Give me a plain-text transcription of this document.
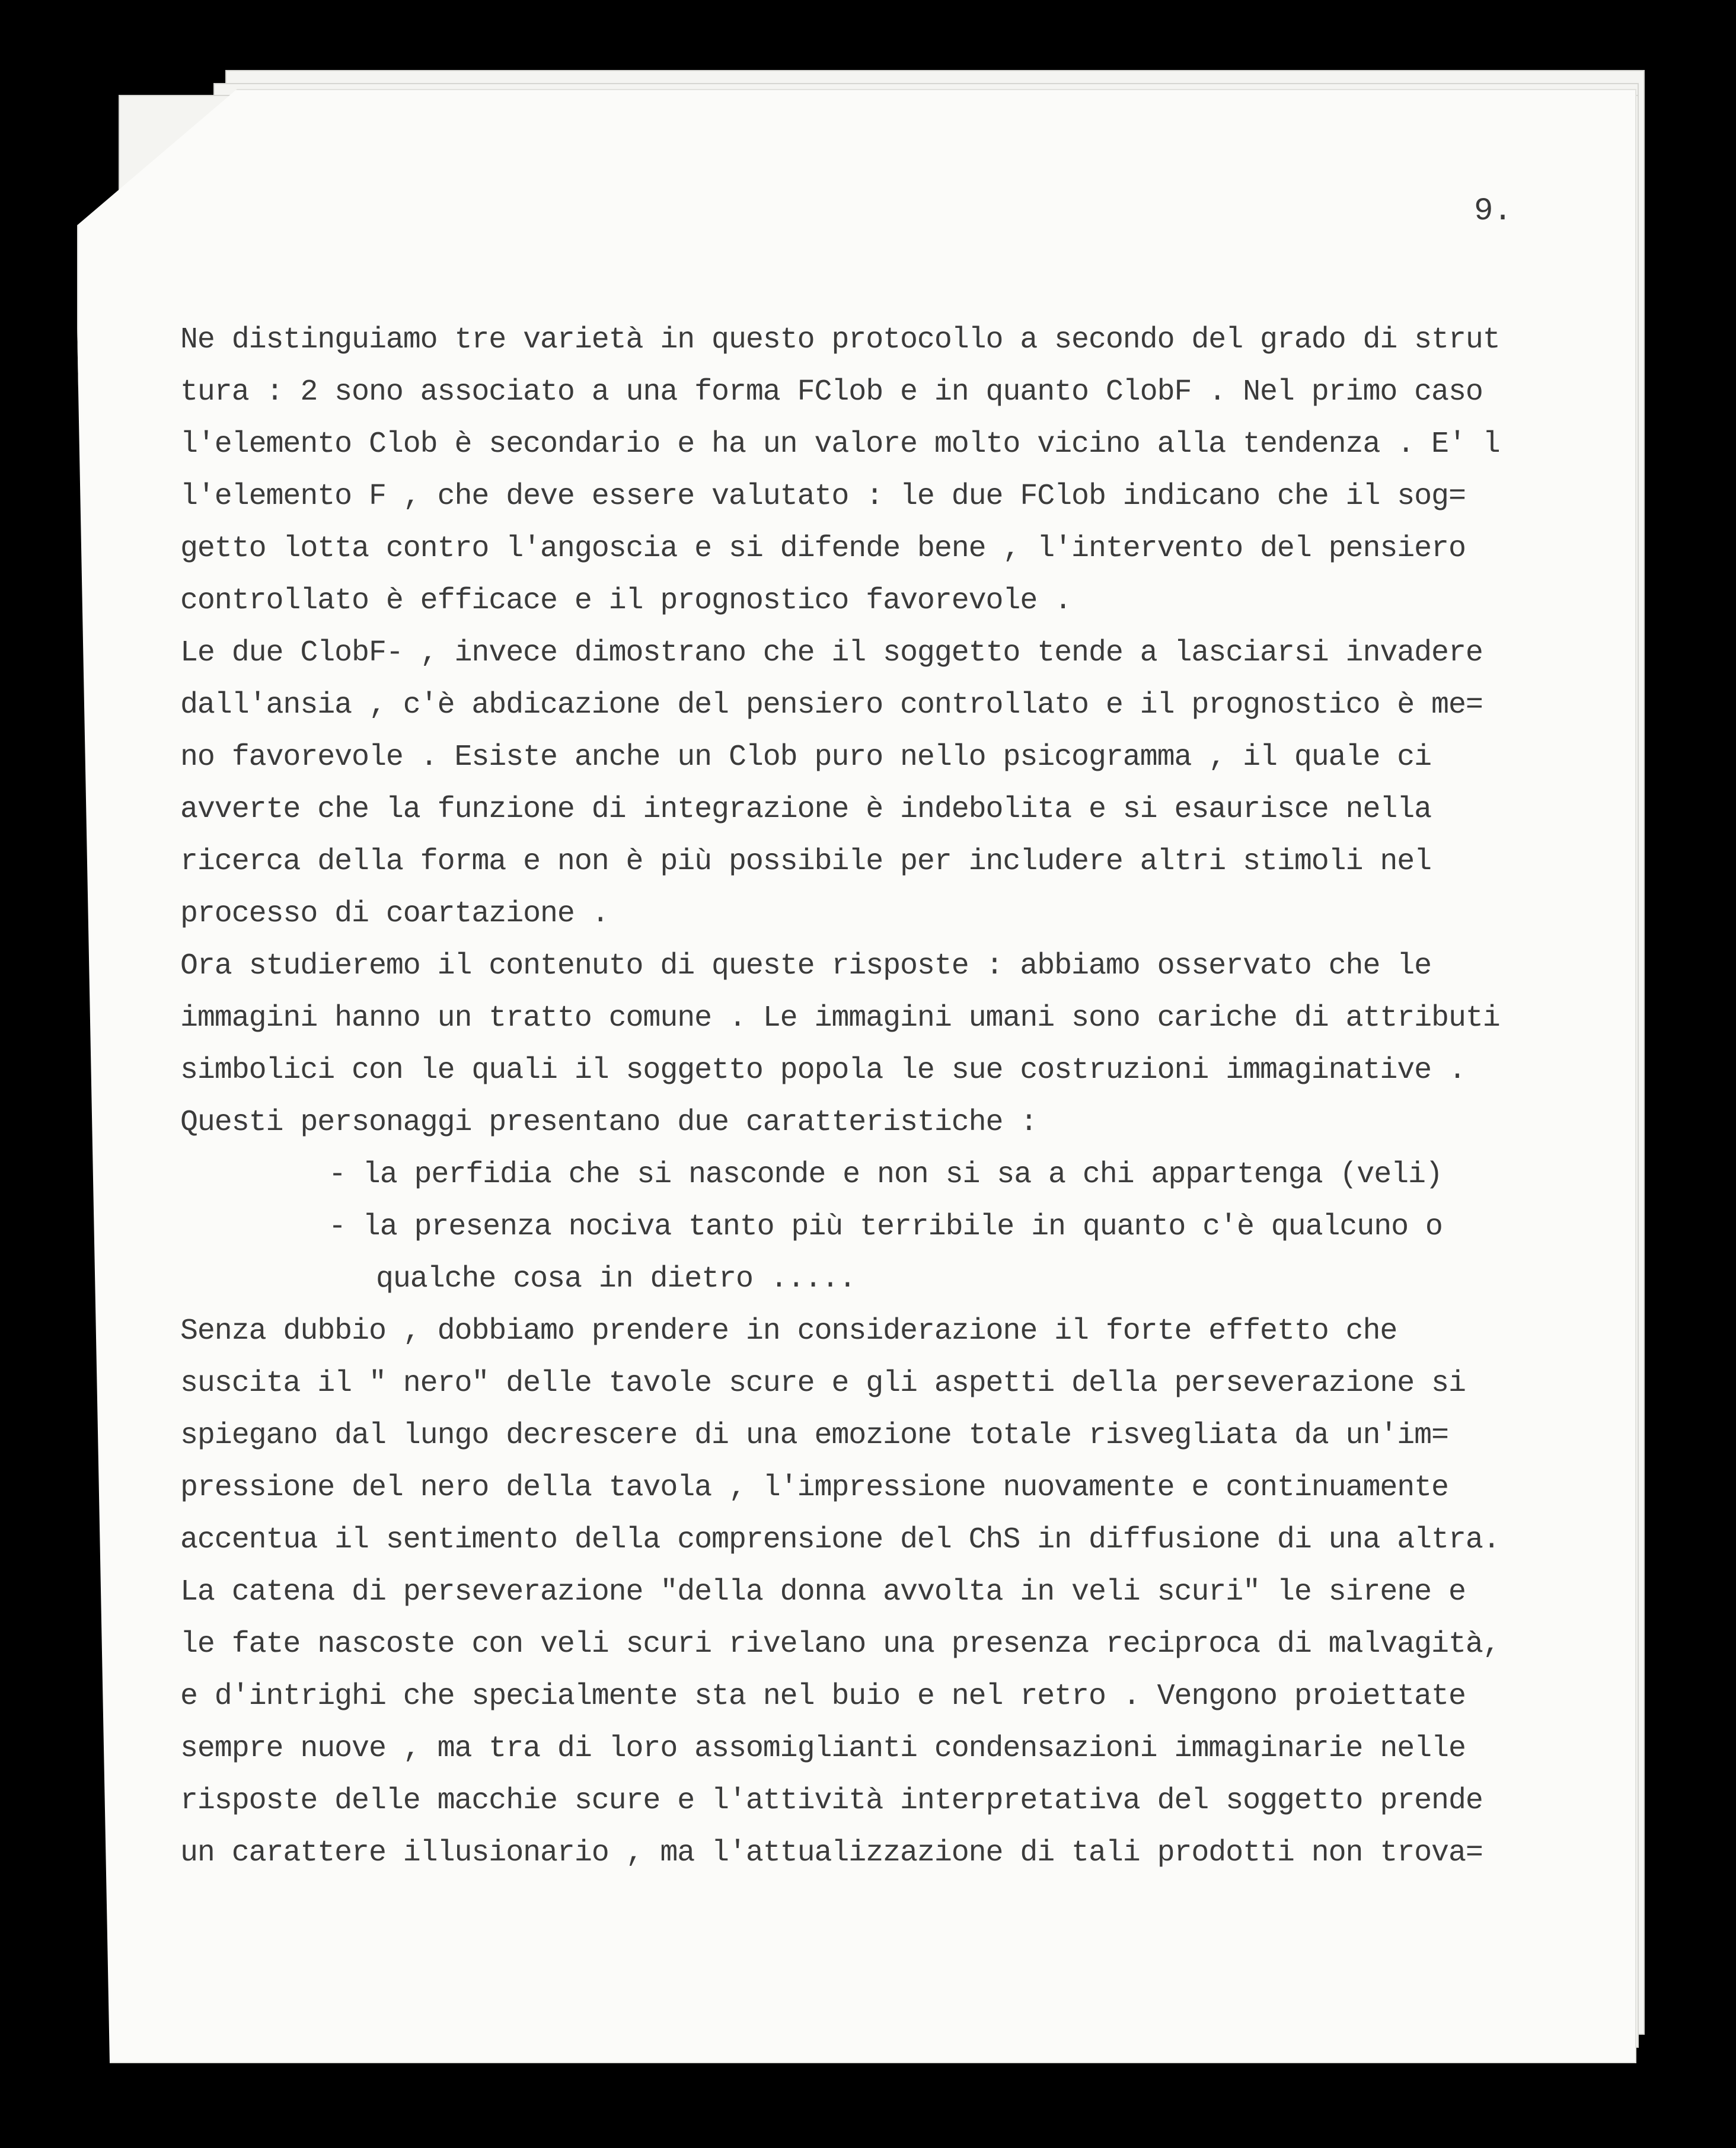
9.
Ne distinguiamo tre varietà in questo protocollo a secondo del grado di strut
tura : 2 sono associato a una forma FClob e in quanto ClobF . Nel primo caso
l'elemento Clob è secondario e ha un valore molto vicino alla tendenza . E' l
l'elemento F , che deve essere valutato : le due FClob indicano che il sog=
getto lotta contro l'angoscia e si difende bene , l'intervento del pensiero
controllato è efficace e il prognostico favorevole .
Le due ClobF- , invece dimostrano che il soggetto tende a lasciarsi invadere
dall'ansia , c'è abdicazione del pensiero controllato e il prognostico è me=
no favorevole . Esiste anche un Clob puro nello psicogramma , il quale ci
avverte che la funzione di integrazione è indebolita e si esaurisce nella
ricerca della forma e non è più possibile per includere altri stimoli nel
processo di coartazione .
Ora studieremo il contenuto di queste risposte : abbiamo osservato che le
immagini hanno un tratto comune . Le immagini umani sono cariche di attributi
simbolici con le quali il soggetto popola le sue costruzioni immaginative .
Questi personaggi presentano due caratteristiche :
- la perfidia che si nasconde e non si sa a chi appartenga (veli)
- la presenza nociva tanto più terribile in quanto c'è qualcuno o
qualche cosa in dietro .....
Senza dubbio , dobbiamo prendere in considerazione il forte effetto che
suscita il " nero" delle tavole scure e gli aspetti della perseverazione si
spiegano dal lungo decrescere di una emozione totale risvegliata da un'im=
pressione del nero della tavola , l'impressione nuovamente e continuamente
accentua il sentimento della comprensione del ChS in diffusione di una altra.
La catena di perseverazione "della donna avvolta in veli scuri" le sirene e
le fate nascoste con veli scuri rivelano una presenza reciproca di malvagità,
e d'intrighi che specialmente sta nel buio e nel retro . Vengono proiettate
sempre nuove , ma tra di loro assomiglianti condensazioni immaginarie nelle
risposte delle macchie scure e l'attività interpretativa del soggetto prende
un carattere illusionario , ma l'attualizzazione di tali prodotti non trova=
